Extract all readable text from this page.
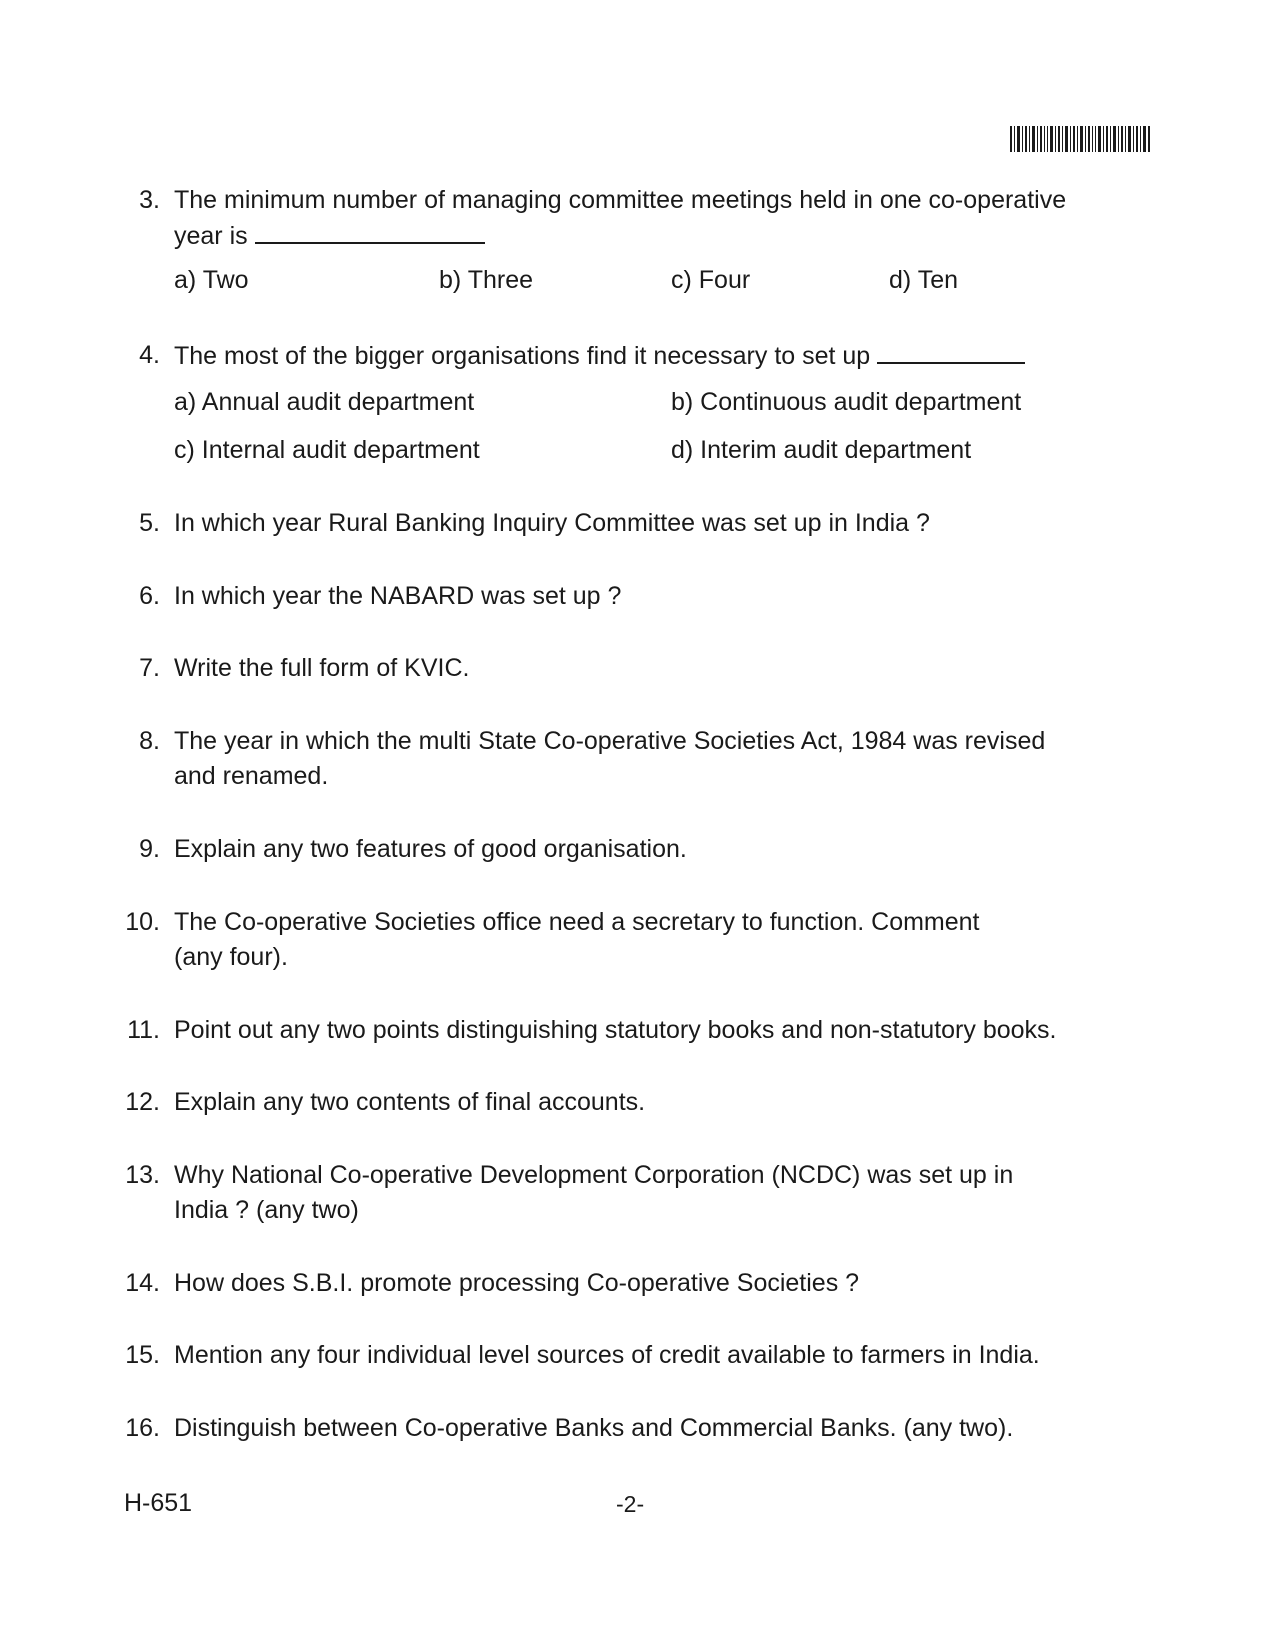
3. The minimum number of managing committee meetings held in one co-operative
year is
a) Two	b) Three	c) Four	d) Ten
4. The most of the bigger organisations find it necessary to set up
a) Annual audit department	b) Continuous audit department
c) Internal audit department	d) Interim audit department
5. In which year Rural Banking Inquiry Committee was set up in India ?
6. In which year the NABARD was set up ?
7. Write the full form of KVIC.
8. The year in which the multi State Co-operative Societies Act, 1984 was revised
and renamed.
9. Explain any two features of good organisation.
10. The Co-operative Societies office need a secretary to function. Comment
(any four).
11. Point out any two points distinguishing statutory books and non-statutory books.
12. Explain any two contents of final accounts.
13. Why National Co-operative Development Corporation (NCDC) was set up in
India ? (any two)
14. How does S.B.I. promote processing Co-operative Societies ?
15. Mention any four individual level sources of credit available to farmers in India.
16. Distinguish between Co-operative Banks and Commercial Banks. (any two).
H-651	-2-
